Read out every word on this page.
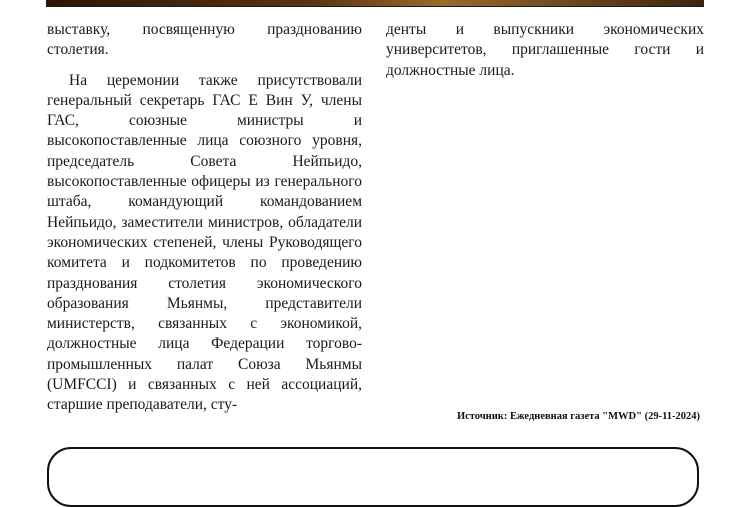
выставку, посвященную празднованию столетия.

На церемонии также присутствовали генеральный секретарь ГАС Е Вин У, члены ГАС, союзные министры и высокопоставленные лица союзного уровня, председатель Совета Нейпьидо, высокопоставленные офицеры из генерального штаба, командующий командованием Нейпьидо, заместители министров, обладатели экономических степеней, члены Руководящего комитета и подкомитетов по проведению празднования столетия экономического образования Мьянмы, представители министерств, связанных с экономикой, должностные лица Федерации торгово-промышленных палат Союза Мьянмы (UMFCCI) и связанных с ней ассоциаций, старшие преподаватели, сту-

денты и выпускники экономических университетов, приглашенные гости и должностные лица.

Источник: Ежедневная газета "MWD" (29-11-2024)
